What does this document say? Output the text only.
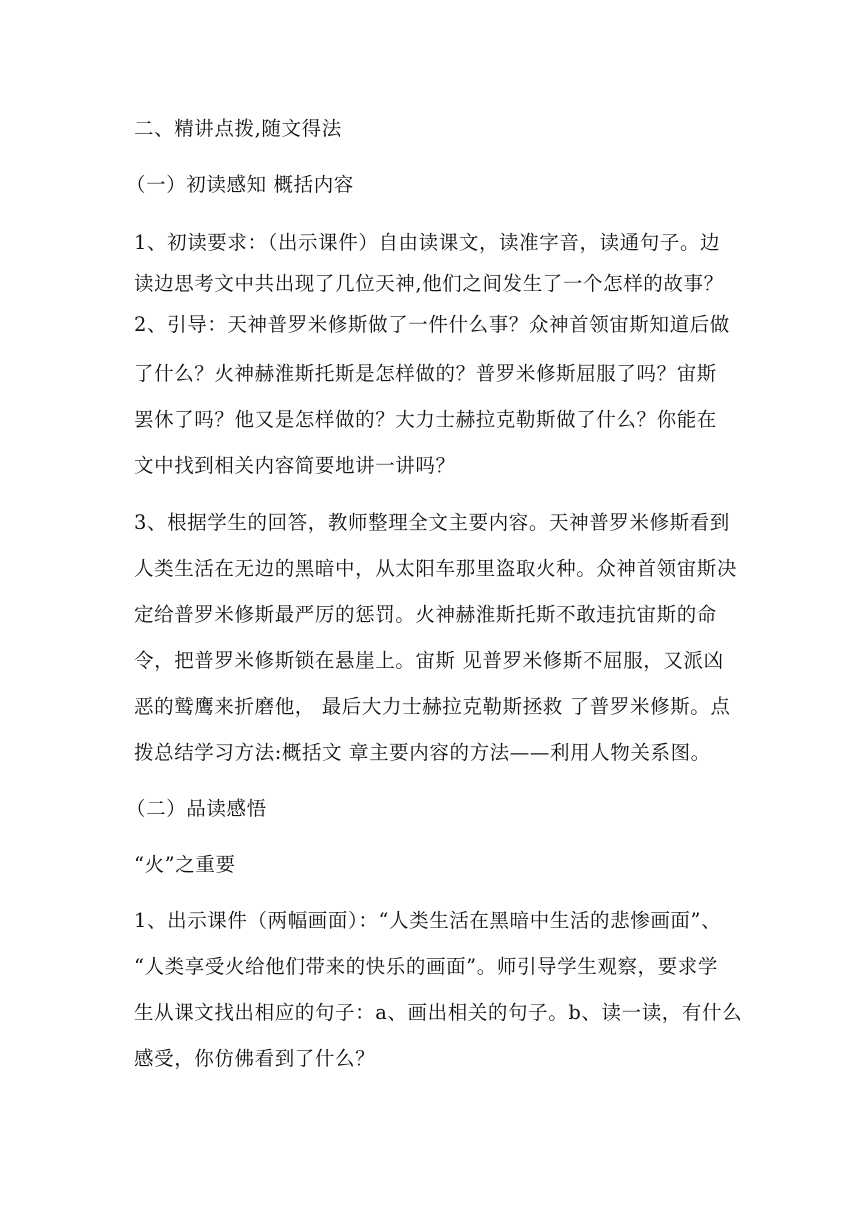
二、精讲点拨,随文得法

（一）初读感知 概括内容

1、初读要求：（出示课件）自由读课文，读准字音，读通句子。边

读边思考文中共出现了几位天神,他们之间发生了一个怎样的故事？

2、引导：天神普罗米修斯做了一件什么事？众神首领宙斯知道后做

了什么？火神赫淮斯托斯是怎样做的？普罗米修斯屈服了吗？宙斯

罢休了吗？他又是怎样做的？大力士赫拉克勒斯做了什么？你能在

文中找到相关内容简要地讲一讲吗？

3、根据学生的回答，教师整理全文主要内容。天神普罗米修斯看到

人类生活在无边的黑暗中，从太阳车那里盗取火种。众神首领宙斯决

定给普罗米修斯最严厉的惩罚。火神赫淮斯托斯不敢违抗宙斯的命

令，把普罗米修斯锁在悬崖上。宙斯 见普罗米修斯不屈服，又派凶

恶的鹫鹰来折磨他， 最后大力士赫拉克勒斯拯救 了普罗米修斯。点

拨总结学习方法:概括文 章主要内容的方法——利用人物关系图。

（二）品读感悟

“火”之重要

1、出示课件（两幅画面）：“人类生活在黑暗中生活的悲惨画面”、

“人类享受火给他们带来的快乐的画面”。师引导学生观察，要求学

生从课文找出相应的句子：a、画出相关的句子。b、读一读，有什么

感受，你仿佛看到了什么？
